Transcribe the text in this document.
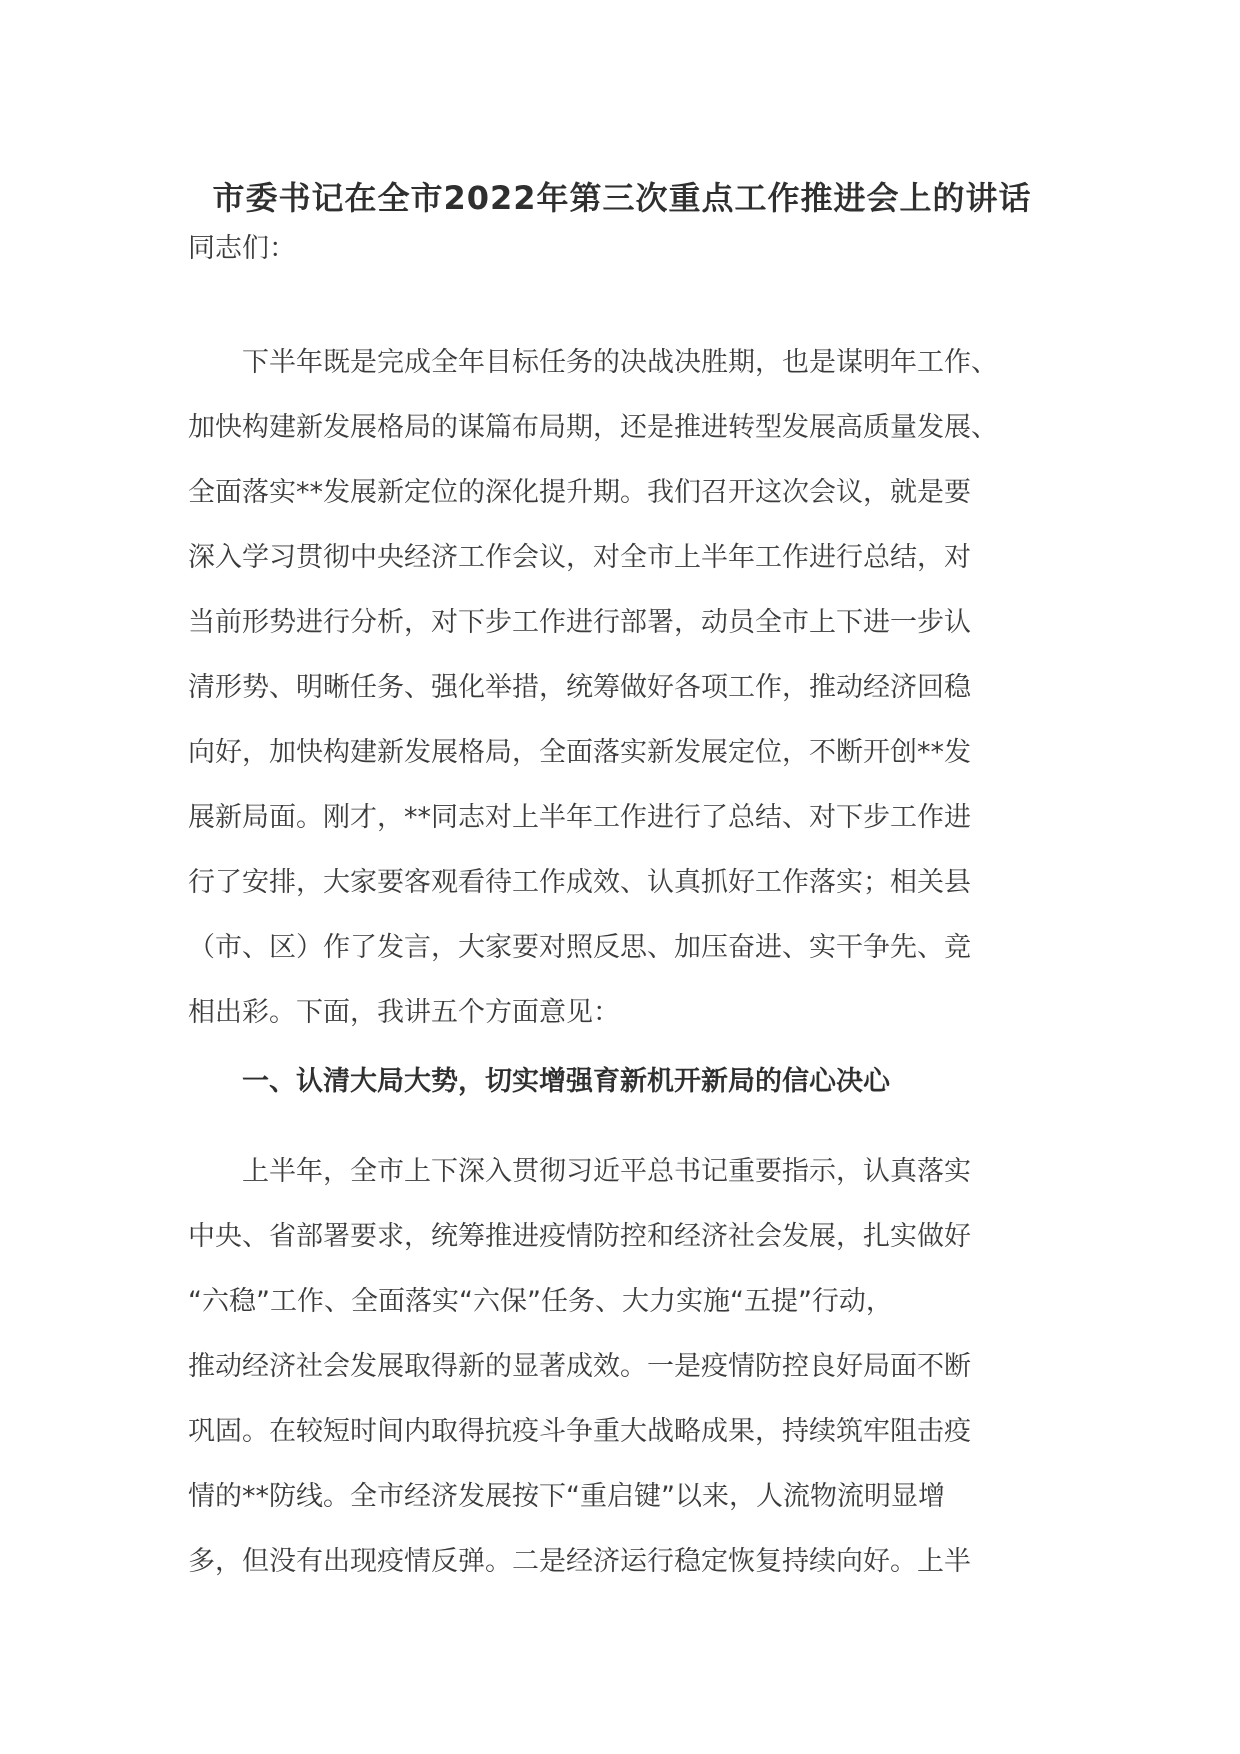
市委书记在全市2022年第三次重点工作推进会上的讲话

同志们：

下半年既是完成全年目标任务的决战决胜期，也是谋明年工作、
加快构建新发展格局的谋篇布局期，还是推进转型发展高质量发展、
全面落实**发展新定位的深化提升期。我们召开这次会议，就是要
深入学习贯彻中央经济工作会议，对全市上半年工作进行总结，对
当前形势进行分析，对下步工作进行部署，动员全市上下进一步认
清形势、明晰任务、强化举措，统筹做好各项工作，推动经济回稳
向好，加快构建新发展格局，全面落实新发展定位，不断开创**发
展新局面。刚才，**同志对上半年工作进行了总结、对下步工作进
行了安排，大家要客观看待工作成效、认真抓好工作落实；相关县
（市、区）作了发言，大家要对照反思、加压奋进、实干争先、竞
相出彩。下面，我讲五个方面意见：
一、认清大局大势，切实增强育新机开新局的信心决心
上半年，全市上下深入贯彻习近平总书记重要指示，认真落实
中央、省部署要求，统筹推进疫情防控和经济社会发展，扎实做好
“六稳”工作、全面落实“六保”任务、大力实施“五提”行动，
推动经济社会发展取得新的显著成效。一是疫情防控良好局面不断
巩固。在较短时间内取得抗疫斗争重大战略成果，持续筑牢阻击疫
情的**防线。全市经济发展按下“重启键”以来，人流物流明显增
多，但没有出现疫情反弹。二是经济运行稳定恢复持续向好。上半
